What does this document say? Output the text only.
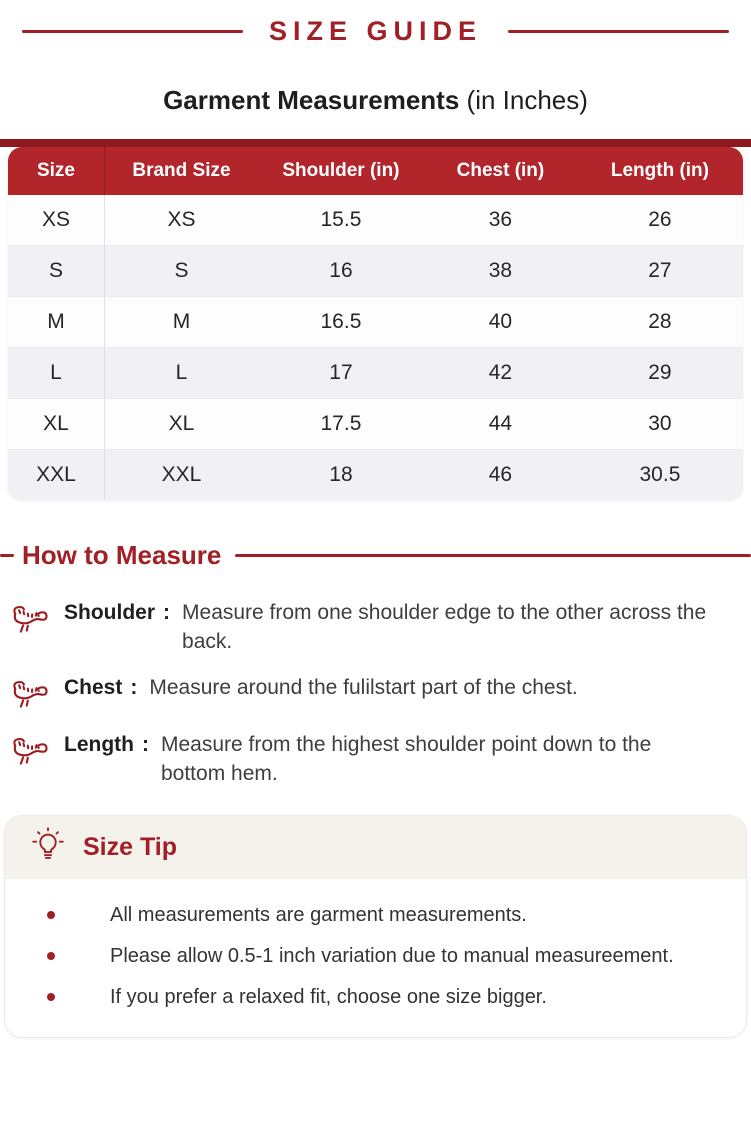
SIZE GUIDE
Garment Measurements (in Inches)
Size	Brand Size	Shoulder (in)	Chest (in)	Length (in)
XS	XS	15.5	36	26
S	S	16	38	27
M	M	16.5	40	28
L	L	17	42	29
XL	XL	17.5	44	30
XXL	XXL	18	46	30.5
How to Measure
Shoulder : Measure from one shoulder edge to the other across the back.
Chest : Measure around the fulilstart part of the chest.
Length : Measure from the highest shoulder point down to the bottom hem.
Size Tip
All measurements are garment measurements.
Please allow 0.5-1 inch variation due to manual measureement.
If you prefer a relaxed fit, choose one size bigger.
